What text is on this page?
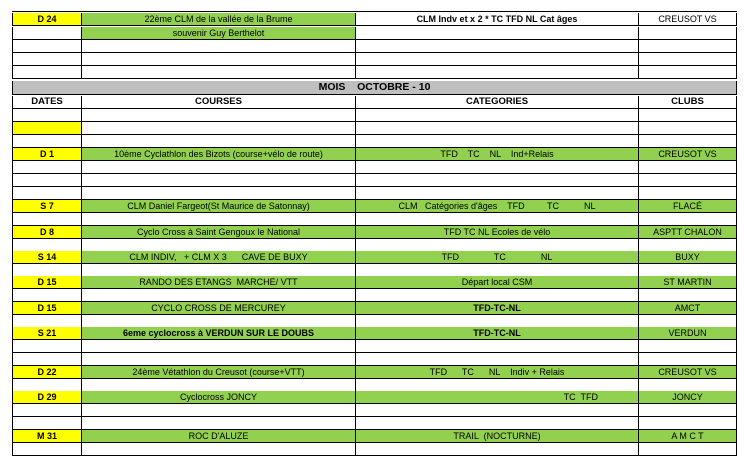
D 24	22ème CLM de la vallée de la Brume	CLM Indv et x 2 * TC TFD NL Cat âges	CREUSOT VS
souvenir Guy Berthelot
MOIS    OCTOBRE - 10
DATES	COURSES	CATEGORIES	CLUBS
D 1	10ème Cyclathlon des Bizots (course+vélo de route)	TFD    TC    NL    Ind+Relais	CREUSOT VS
S 7	CLM Daniel Fargeot(St Maurice de Satonnay)	CLM   Catégories d'âges    TFD         TC          NL	FLACÉ
D 8	Cyclo Cross à Saint Gengoux le National	TFD TC NL Ecoles de vélo	ASPTT CHALON
S 14	CLM INDIV,   + CLM X 3      CAVE DE BUXY	TFD              TC              NL	BUXY
D 15	RANDO DES ETANGS  MARCHE/ VTT	Départ local CSM	ST MARTIN
D 15	CYCLO CROSS DE MERCUREY	TFD-TC-NL	AMCT
S 21	6eme cyclocross à VERDUN SUR LE DOUBS	TFD-TC-NL	VERDUN
D 22	24ème Vétathlon du Creusot (course+VTT)	TFD      TC      NL    Indiv + Relais	CREUSOT VS
D 29	Cyclocross JONCY	TC  TFD	JONCY
M 31	ROC D'ALUZE	TRAIL  (NOCTURNE)	A M C T
